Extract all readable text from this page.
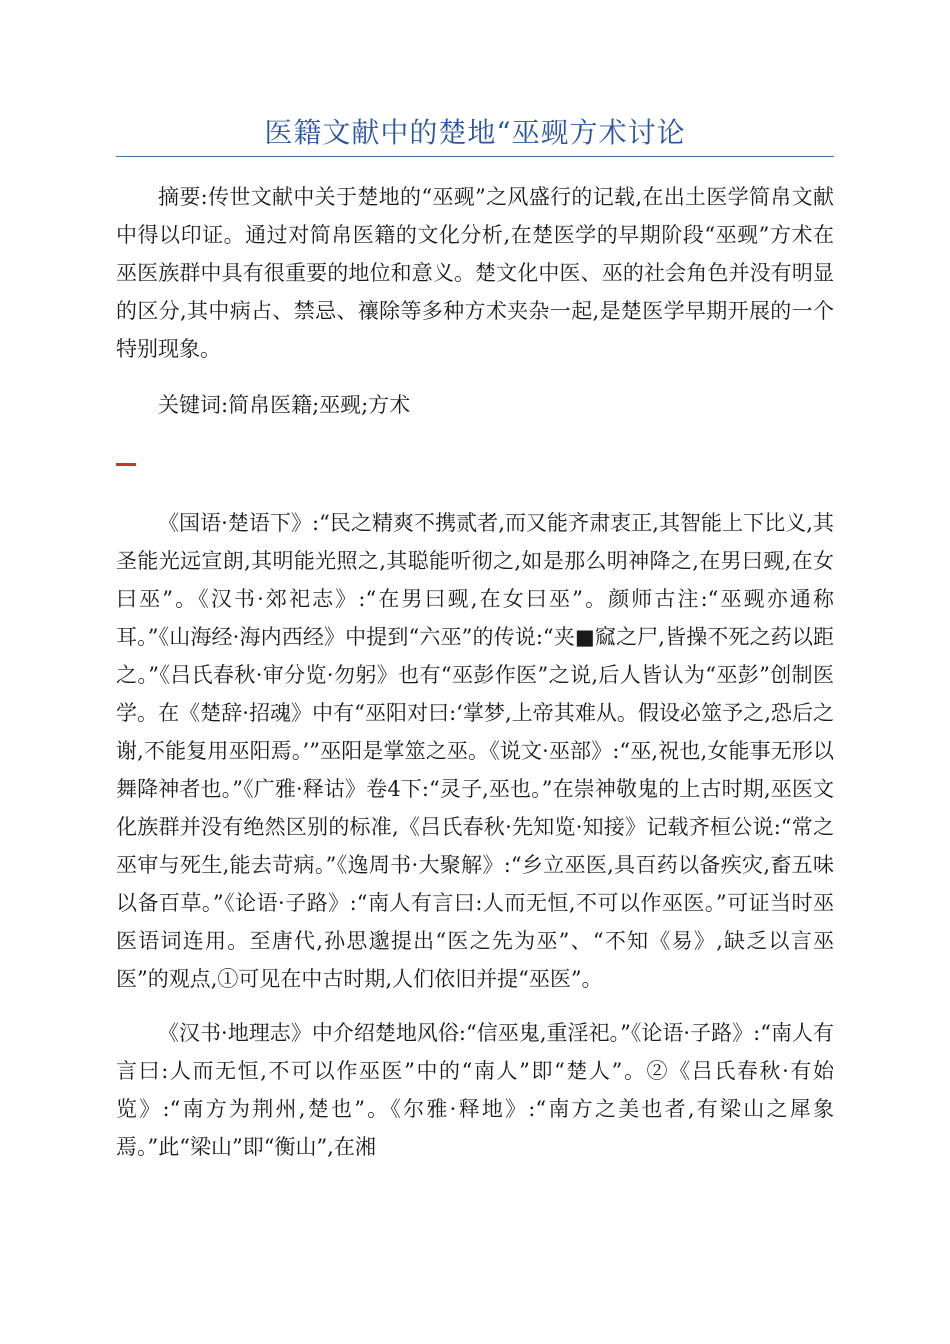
医籍文献中的楚地“巫觋方术讨论

摘要:传世文献中关于楚地的“巫觋”之风盛行的记载,在出土医学简帛文献中得以印证。通过对简帛医籍的文化分析,在楚医学的早期阶段“巫觋”方术在巫医族群中具有很重要的地位和意义。楚文化中医、巫的社会角色并没有明显的区分,其中病占、禁忌、禳除等多种方术夹杂一起,是楚医学早期开展的一个特别现象。

关键词:简帛医籍;巫觋;方术

《国语·楚语下》:“民之精爽不携贰者,而又能齐肃衷正,其智能上下比义,其圣能光远宣朗,其明能光照之,其聪能听彻之,如是那么明神降之,在男曰觋,在女曰巫”。《汉书·郊祀志》:“在男曰觋,在女曰巫”。颜师古注:“巫觋亦通称耳。”《山海经·海内西经》中提到“六巫”的传说:“夹■窳之尸,皆操不死之药以距之。”《吕氏春秋·审分览·勿躬》也有“巫彭作医”之说,后人皆认为“巫彭”创制医学。在《楚辞·招魂》中有“巫阳对曰:‘掌梦,上帝其难从。假设必筮予之,恐后之谢,不能复用巫阳焉。’”巫阳是掌筮之巫。《说文·巫部》:“巫,祝也,女能事无形以舞降神者也。”《广雅·释诂》卷4下:“灵子,巫也。”在崇神敬鬼的上古时期,巫医文化族群并没有绝然区别的标准,《吕氏春秋·先知览·知接》记载齐桓公说:“常之巫审与死生,能去苛病。”《逸周书·大聚解》:“乡立巫医,具百药以备疾灾,畜五味以备百草。”《论语·子路》:“南人有言曰:人而无恒,不可以作巫医。”可证当时巫医语词连用。至唐代,孙思邈提出“医之先为巫”、“不知《易》,缺乏以言巫医”的观点,①可见在中古时期,人们依旧并提“巫医”。

《汉书·地理志》中介绍楚地风俗:“信巫鬼,重淫祀。”《论语·子路》:“南人有言曰:人而无恒,不可以作巫医”中的“南人”即“楚人”。②《吕氏春秋·有始览》:“南方为荆州,楚也”。《尔雅·释地》:“南方之美也者,有梁山之犀象焉。”此“梁山”即“衡山”,在湘
